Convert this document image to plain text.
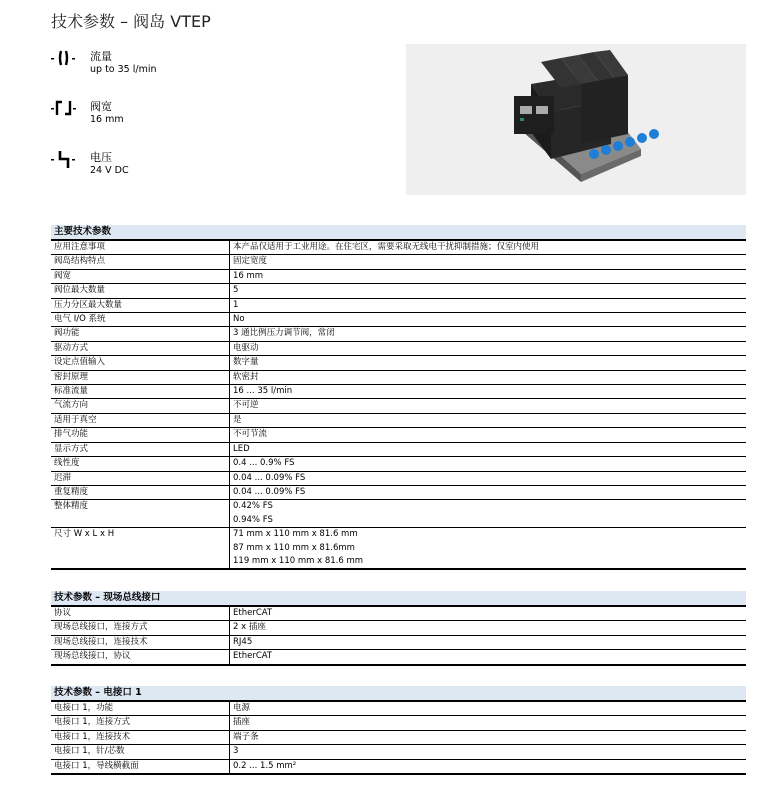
技术参数 – 阀岛 VTEP
流量
up to 35 l/min
阀宽
16 mm
电压
24 V DC
主要技术参数
应用注意事项	本产品仅适用于工业用途。在住宅区，需要采取无线电干扰抑制措施；仅室内使用

阀岛结构特点	固定宽度

阀宽	16 mm

阀位最大数量	5

压力分区最大数量	1

电气 I/O 系统	No

阀功能	3 通比例压力调节阀，常闭

驱动方式	电驱动

设定点值输入	数字量

密封原理	软密封

标准流量	16 ... 35 l/min

气流方向	不可逆

适用于真空	是

排气功能	不可节流

显示方式	LED

线性度	0.4 ... 0.9% FS

迟滞	0.04 ... 0.09% FS

重复精度	0.04 ... 0.09% FS

整体精度	0.42% FS
0.94% FS

尺寸 W x L x H	71 mm x 110 mm x 81.6 mm
87 mm x 110 mm x 81.6mm
119 mm x 110 mm x 81.6 mm
技术参数 – 现场总线接口
协议	EtherCAT

现场总线接口，连接方式	2 x 插座

现场总线接口，连接技术	RJ45

现场总线接口，协议	EtherCAT
技术参数 – 电接口 1
电接口 1，功能	电源

电接口 1，连接方式	插座

电接口 1，连接技术	端子条

电接口 1，针/芯数	3

电接口 1，导线横截面	0.2 ... 1.5 mm²
